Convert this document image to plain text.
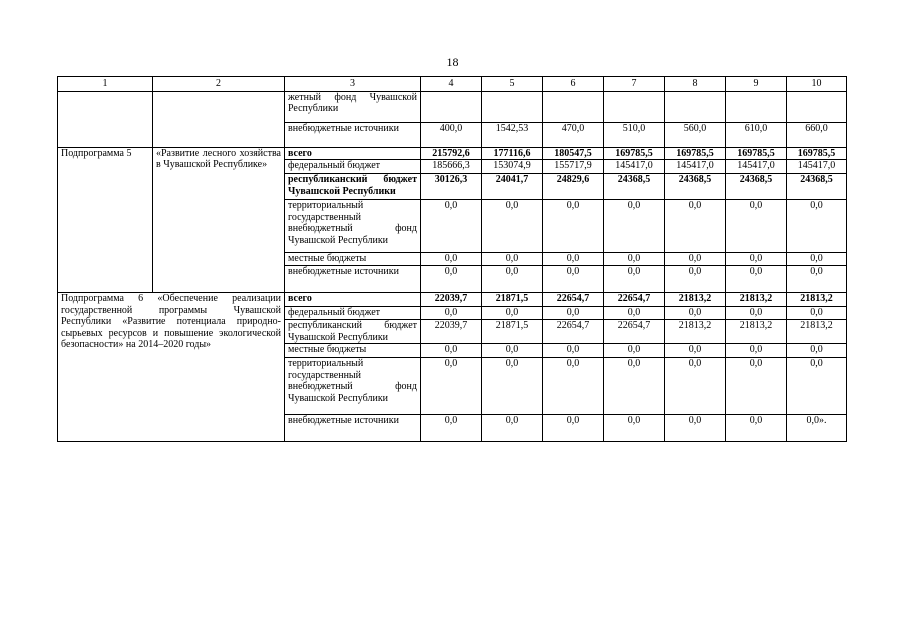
18
1	2	3	4	5	6	7	8	9	10
		жетный фонд Чувашской Республики							
		внебюджетные источники	400,0	1542,53	470,0	510,0	560,0	610,0	660,0
Подпрограмма 5	«Развитие лесного хозяйства в Чувашской Республике»	всего	215792,6	177116,6	180547,5	169785,5	169785,5	169785,5	169785,5
		федеральный бюджет	185666,3	153074,9	155717,9	145417,0	145417,0	145417,0	145417,0
		республиканский бюджет Чувашской Республики	30126,3	24041,7	24829,6	24368,5	24368,5	24368,5	24368,5
		территориальный государственный внебюджетный фонд Чувашской Республики	0,0	0,0	0,0	0,0	0,0	0,0	0,0
		местные бюджеты	0,0	0,0	0,0	0,0	0,0	0,0	0,0
		внебюджетные источники	0,0	0,0	0,0	0,0	0,0	0,0	0,0
Подпрограмма 6 «Обеспечение реализации государственной программы Чувашской Республики «Развитие потенциала природно-сырьевых ресурсов и повышение экологической безопасности» на 2014–2020 годы»		всего	22039,7	21871,5	22654,7	22654,7	21813,2	21813,2	21813,2
		федеральный бюджет	0,0	0,0	0,0	0,0	0,0	0,0	0,0
		республиканский бюджет Чувашской Республики	22039,7	21871,5	22654,7	22654,7	21813,2	21813,2	21813,2
		местные бюджеты	0,0	0,0	0,0	0,0	0,0	0,0	0,0
		территориальный государственный внебюджетный фонд Чувашской Республики	0,0	0,0	0,0	0,0	0,0	0,0	0,0
		внебюджетные источники	0,0	0,0	0,0	0,0	0,0	0,0	0,0».
